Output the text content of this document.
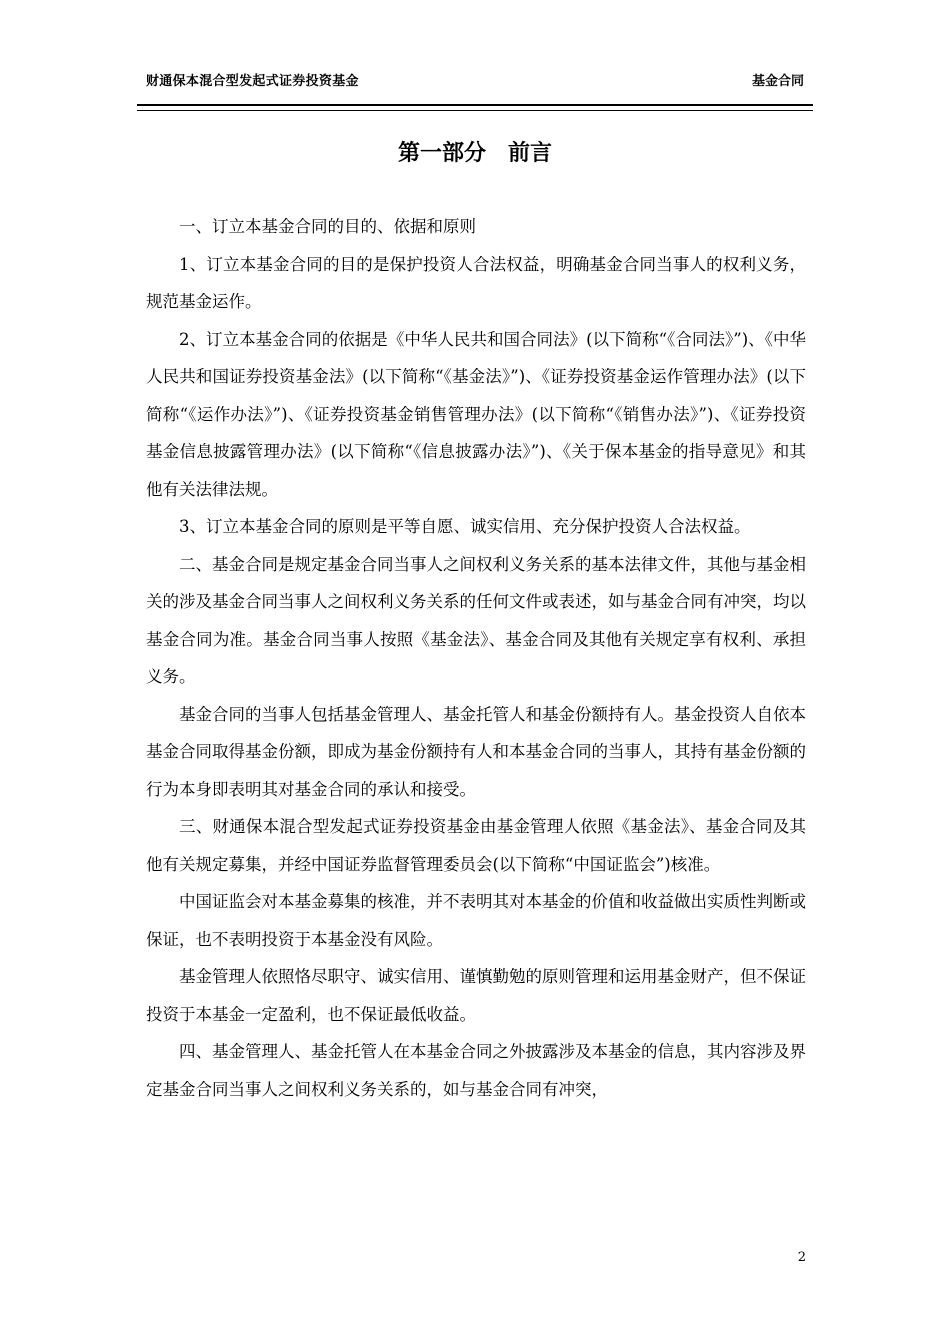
财通保本混合型发起式证券投资基金	基金合同
第一部分 前言

一、订立本基金合同的目的、依据和原则

1、订立本基金合同的目的是保护投资人合法权益，明确基金合同当事人的权利义务，规范基金运作。

2、订立本基金合同的依据是《中华人民共和国合同法》(以下简称“《合同法》”)、《中华人民共和国证券投资基金法》(以下简称“《基金法》”)、《证券投资基金运作管理办法》(以下简称“《运作办法》”)、《证券投资基金销售管理办法》(以下简称“《销售办法》”)、《证券投资基金信息披露管理办法》(以下简称“《信息披露办法》”)、《关于保本基金的指导意见》和其他有关法律法规。

3、订立本基金合同的原则是平等自愿、诚实信用、充分保护投资人合法权益。

二、基金合同是规定基金合同当事人之间权利义务关系的基本法律文件，其他与基金相关的涉及基金合同当事人之间权利义务关系的任何文件或表述，如与基金合同有冲突，均以基金合同为准。基金合同当事人按照《基金法》、基金合同及其他有关规定享有权利、承担义务。

基金合同的当事人包括基金管理人、基金托管人和基金份额持有人。基金投资人自依本基金合同取得基金份额，即成为基金份额持有人和本基金合同的当事人，其持有基金份额的行为本身即表明其对基金合同的承认和接受。

三、财通保本混合型发起式证券投资基金由基金管理人依照《基金法》、基金合同及其他有关规定募集，并经中国证券监督管理委员会(以下简称“中国证监会”)核准。

中国证监会对本基金募集的核准，并不表明其对本基金的价值和收益做出实质性判断或保证，也不表明投资于本基金没有风险。

基金管理人依照恪尽职守、诚实信用、谨慎勤勉的原则管理和运用基金财产，但不保证投资于本基金一定盈利，也不保证最低收益。

四、基金管理人、基金托管人在本基金合同之外披露涉及本基金的信息，其内容涉及界定基金合同当事人之间权利义务关系的，如与基金合同有冲突，

2
